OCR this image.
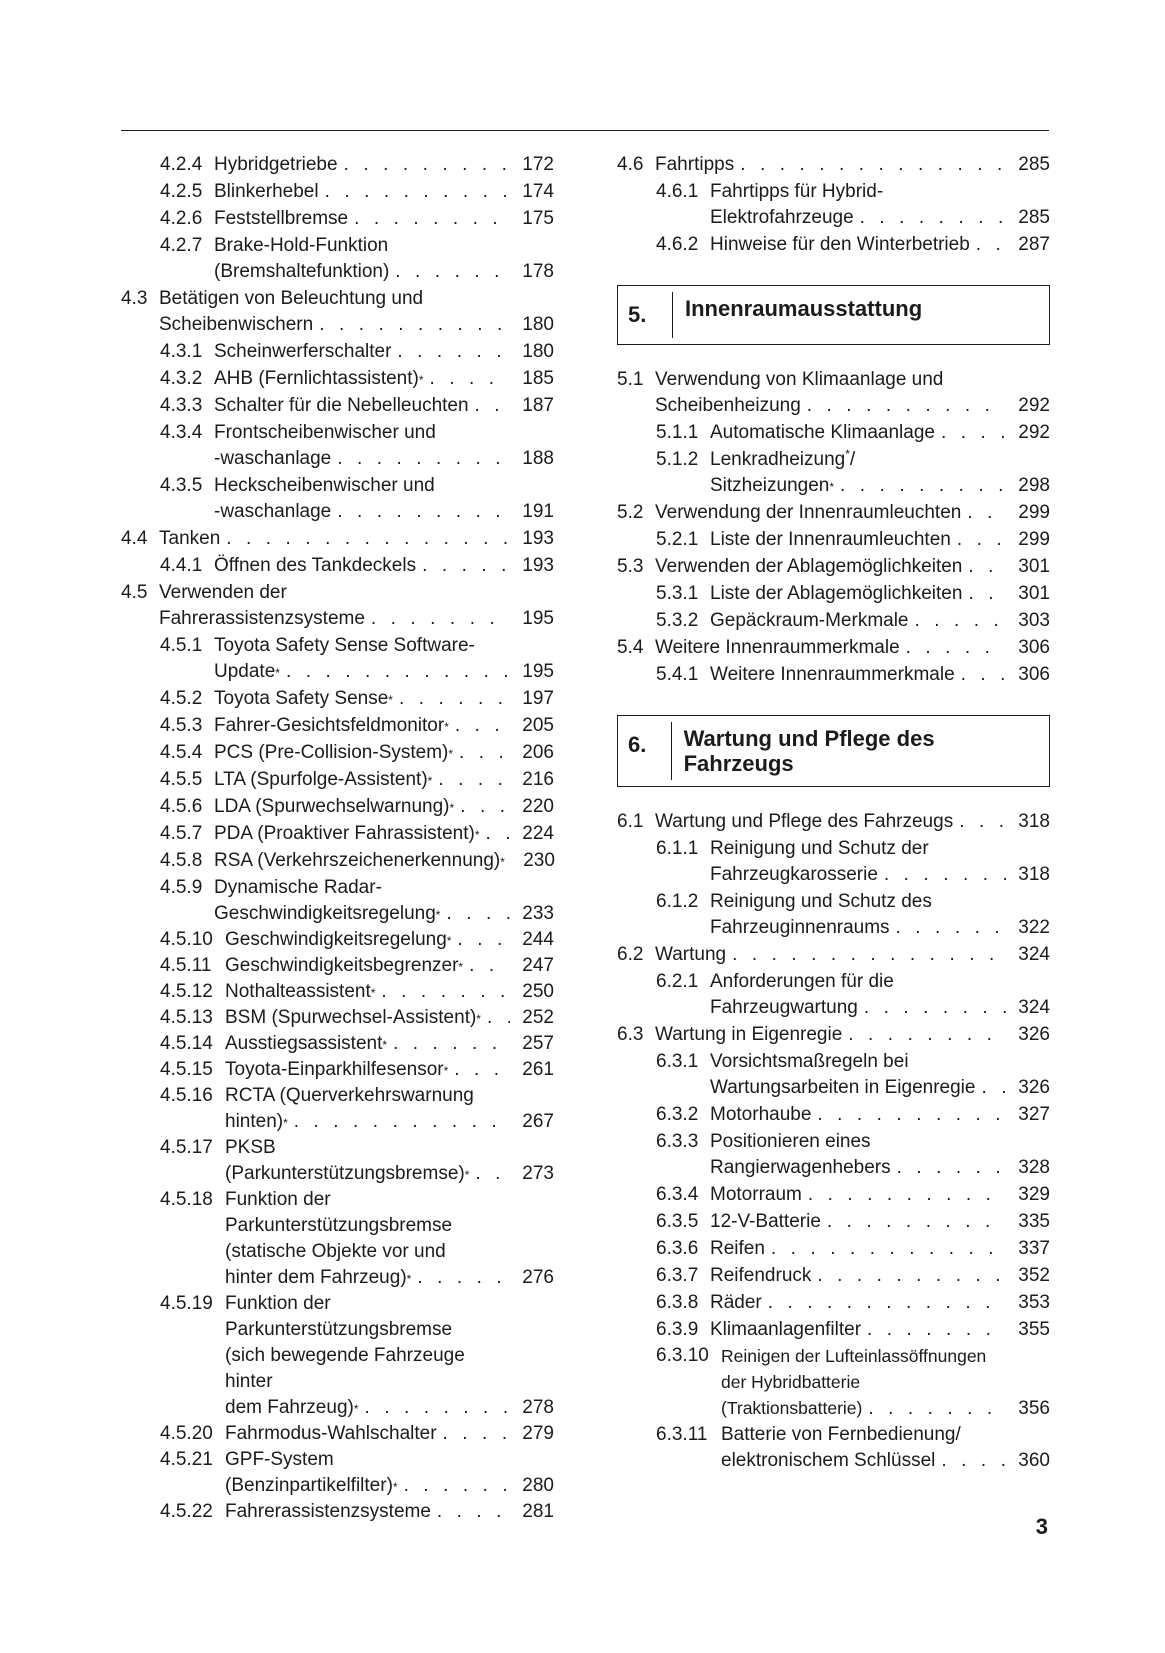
4.2.4 Hybridgetriebe . . .	172
4.2.5 Blinkerhebel . . .	174
4.2.6 Feststellbremse . . .	175
4.2.7 Brake-Hold-Funktion
(Bremshaltefunktion) . . .	178
4.3 Betätigen von Beleuchtung und
Scheibenwischern . . .	180
4.3.1 Scheinwerferschalter . . .	180
4.3.2 AHB (Fernlichtassistent) * . . .	185
4.3.3 Schalter für die Nebelleuchten . . .	187
4.3.4 Frontscheibenwischer und
-waschanlage . . .	188
4.3.5 Heckscheibenwischer und
-waschanlage . . .	191
4.4 Tanken . . .	193
4.4.1 Öffnen des Tankdeckels . . .	193
4.5 Verwenden der
Fahrerassistenzsysteme . . .	195
4.5.1 Toyota Safety Sense Software-
Update * . . .	195
4.5.2 Toyota Safety Sense * . . .	197
4.5.3 Fahrer-Gesichtsfeldmonitor * . . .	205
4.5.4 PCS (Pre-Collision-System) * . . .	206
4.5.5 LTA (Spurfolge-Assistent) * . . .	216
4.5.6 LDA (Spurwechselwarnung) * . . .	220
4.5.7 PDA (Proaktiver Fahrassistent) * . . .	224
4.5.8 RSA (Verkehrszeichenerkennung) * 230
4.5.9 Dynamische Radar-
Geschwindigkeitsregelung * . . .	233
4.5.10 Geschwindigkeitsregelung * . . .	244
4.5.11 Geschwindigkeitsbegrenzer * . . .	247
4.5.12 Nothalteassistent * . . .	250
4.5.13 BSM (Spurwechsel-Assistent) * . . .	252
4.5.14 Ausstiegsassistent * . . .	257
4.5.15 Toyota-Einparkhilfesensor * . . .	261
4.5.16 RCTA (Querverkehrswarnung
hinten) * . . .	267
4.5.17 PKSB
(Parkunterstützungsbremse) * . . .	273
4.5.18 Funktion der
Parkunterstützungsbremse
(statische Objekte vor und
hinter dem Fahrzeug) * . . .	276
4.5.19 Funktion der
Parkunterstützungsbremse
(sich bewegende Fahrzeuge
hinter
dem Fahrzeug) * . . .	278
4.5.20 Fahrmodus-Wahlschalter . . .	279
4.5.21 GPF-System
(Benzinpartikelfilter) * . . .	280
4.5.22 Fahrerassistenzsysteme . . .	281
4.6 Fahrtipps . . .	285
4.6.1 Fahrtipps für Hybrid-
Elektrofahrzeuge . . .	285
4.6.2 Hinweise für den Winterbetrieb . . .	287
5.	Innenraumausstattung
5.1 Verwendung von Klimaanlage und
Scheibenheizung . . .	292
5.1.1 Automatische Klimaanlage . . .	292
5.1.2 Lenkradheizung*/
Sitzheizungen * . . .	298
5.2 Verwendung der Innenraumleuchten . . .	299
5.2.1 Liste der Innenraumleuchten . . .	299
5.3 Verwenden der Ablagemöglichkeiten . . .	301
5.3.1 Liste der Ablagemöglichkeiten . . .	301
5.3.2 Gepäckraum-Merkmale . . .	303
5.4 Weitere Innenraummerkmale . . .	306
5.4.1 Weitere Innenraummerkmale . . .	306
6.	Wartung und Pflege des Fahrzeugs
6.1 Wartung und Pflege des Fahrzeugs . . .	318
6.1.1 Reinigung und Schutz der
Fahrzeugkarosserie . . .	318
6.1.2 Reinigung und Schutz des
Fahrzeuginnenraums . . .	322
6.2 Wartung . . .	324
6.2.1 Anforderungen für die
Fahrzeugwartung . . .	324
6.3 Wartung in Eigenregie . . .	326
6.3.1 Vorsichtsmaßregeln bei
Wartungsarbeiten in Eigenregie . . .	326
6.3.2 Motorhaube . . .	327
6.3.3 Positionieren eines
Rangierwagenhebers . . .	328
6.3.4 Motorraum . . .	329
6.3.5 12-V-Batterie . . .	335
6.3.6 Reifen . . .	337
6.3.7 Reifendruck . . .	352
6.3.8 Räder . . .	353
6.3.9 Klimaanlagenfilter . . .	355
6.3.10 Reinigen der Lufteinlassöffnungen
der Hybridbatterie
(Traktionsbatterie) . . .	356
6.3.11 Batterie von Fernbedienung/
elektronischem Schlüssel . . .	360
3
